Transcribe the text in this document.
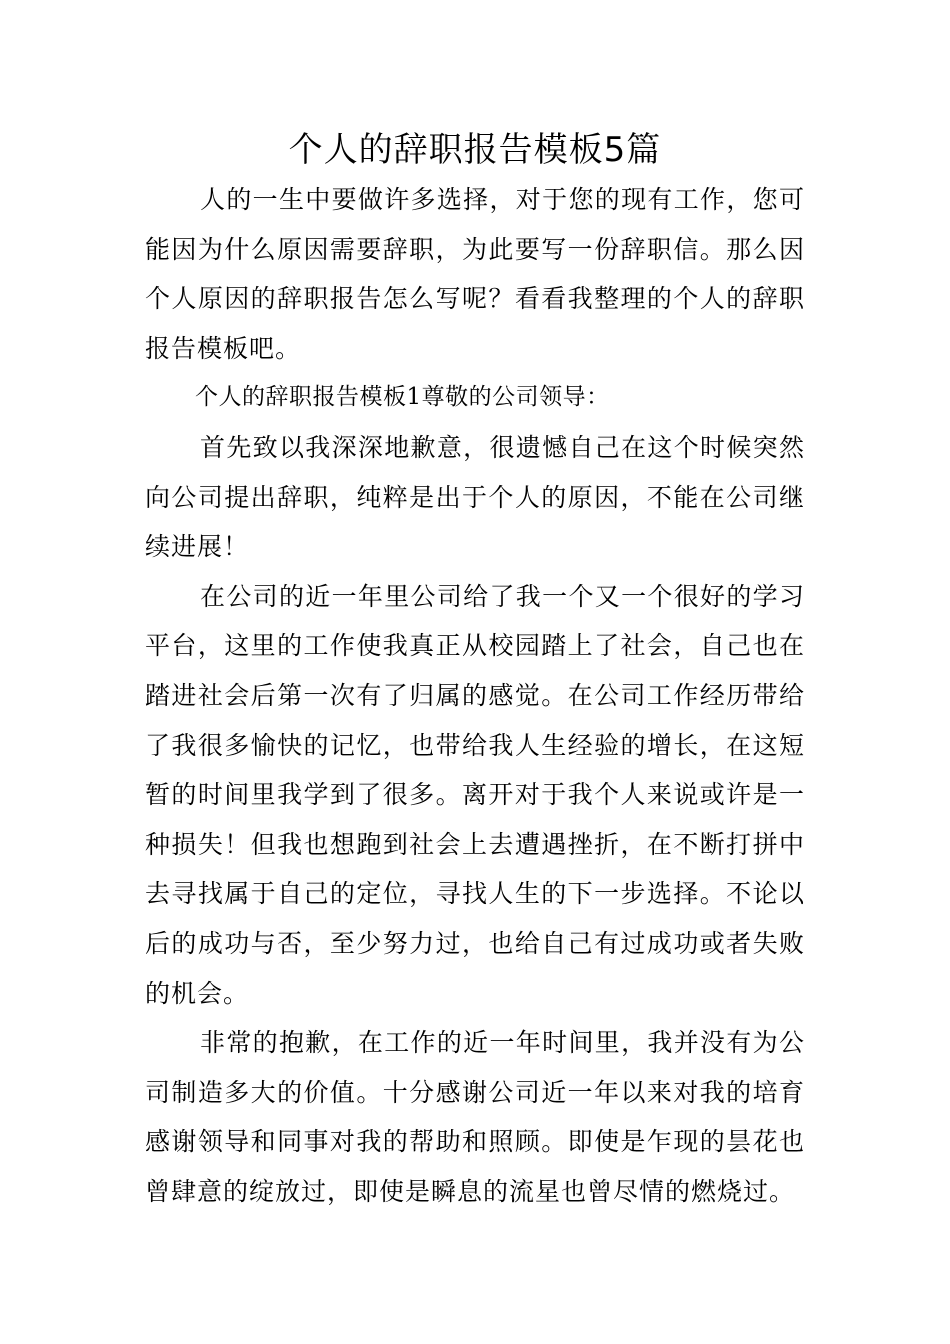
个人的辞职报告模板5篇

人的一生中要做许多选择，对于您的现有工作，您可能因为什么原因需要辞职，为此要写一份辞职信。那么因个人原因的辞职报告怎么写呢？看看我整理的个人的辞职报告模板吧。

个人的辞职报告模板1尊敬的公司领导：

首先致以我深深地歉意，很遗憾自己在这个时候突然向公司提出辞职，纯粹是出于个人的原因，不能在公司继续进展！

在公司的近一年里公司给了我一个又一个很好的学习平台，这里的工作使我真正从校园踏上了社会，自己也在踏进社会后第一次有了归属的感觉。在公司工作经历带给了我很多愉快的记忆，也带给我人生经验的增长，在这短暂的时间里我学到了很多。离开对于我个人来说或许是一种损失！但我也想跑到社会上去遭遇挫折，在不断打拼中去寻找属于自己的定位，寻找人生的下一步选择。不论以后的成功与否，至少努力过，也给自己有过成功或者失败的机会。

非常的抱歉，在工作的近一年时间里，我并没有为公司制造多大的价值。十分感谢公司近一年以来对我的培育感谢领导和同事对我的帮助和照顾。即使是乍现的昙花也曾肆意的绽放过，即使是瞬息的流星也曾尽情的燃烧过。
